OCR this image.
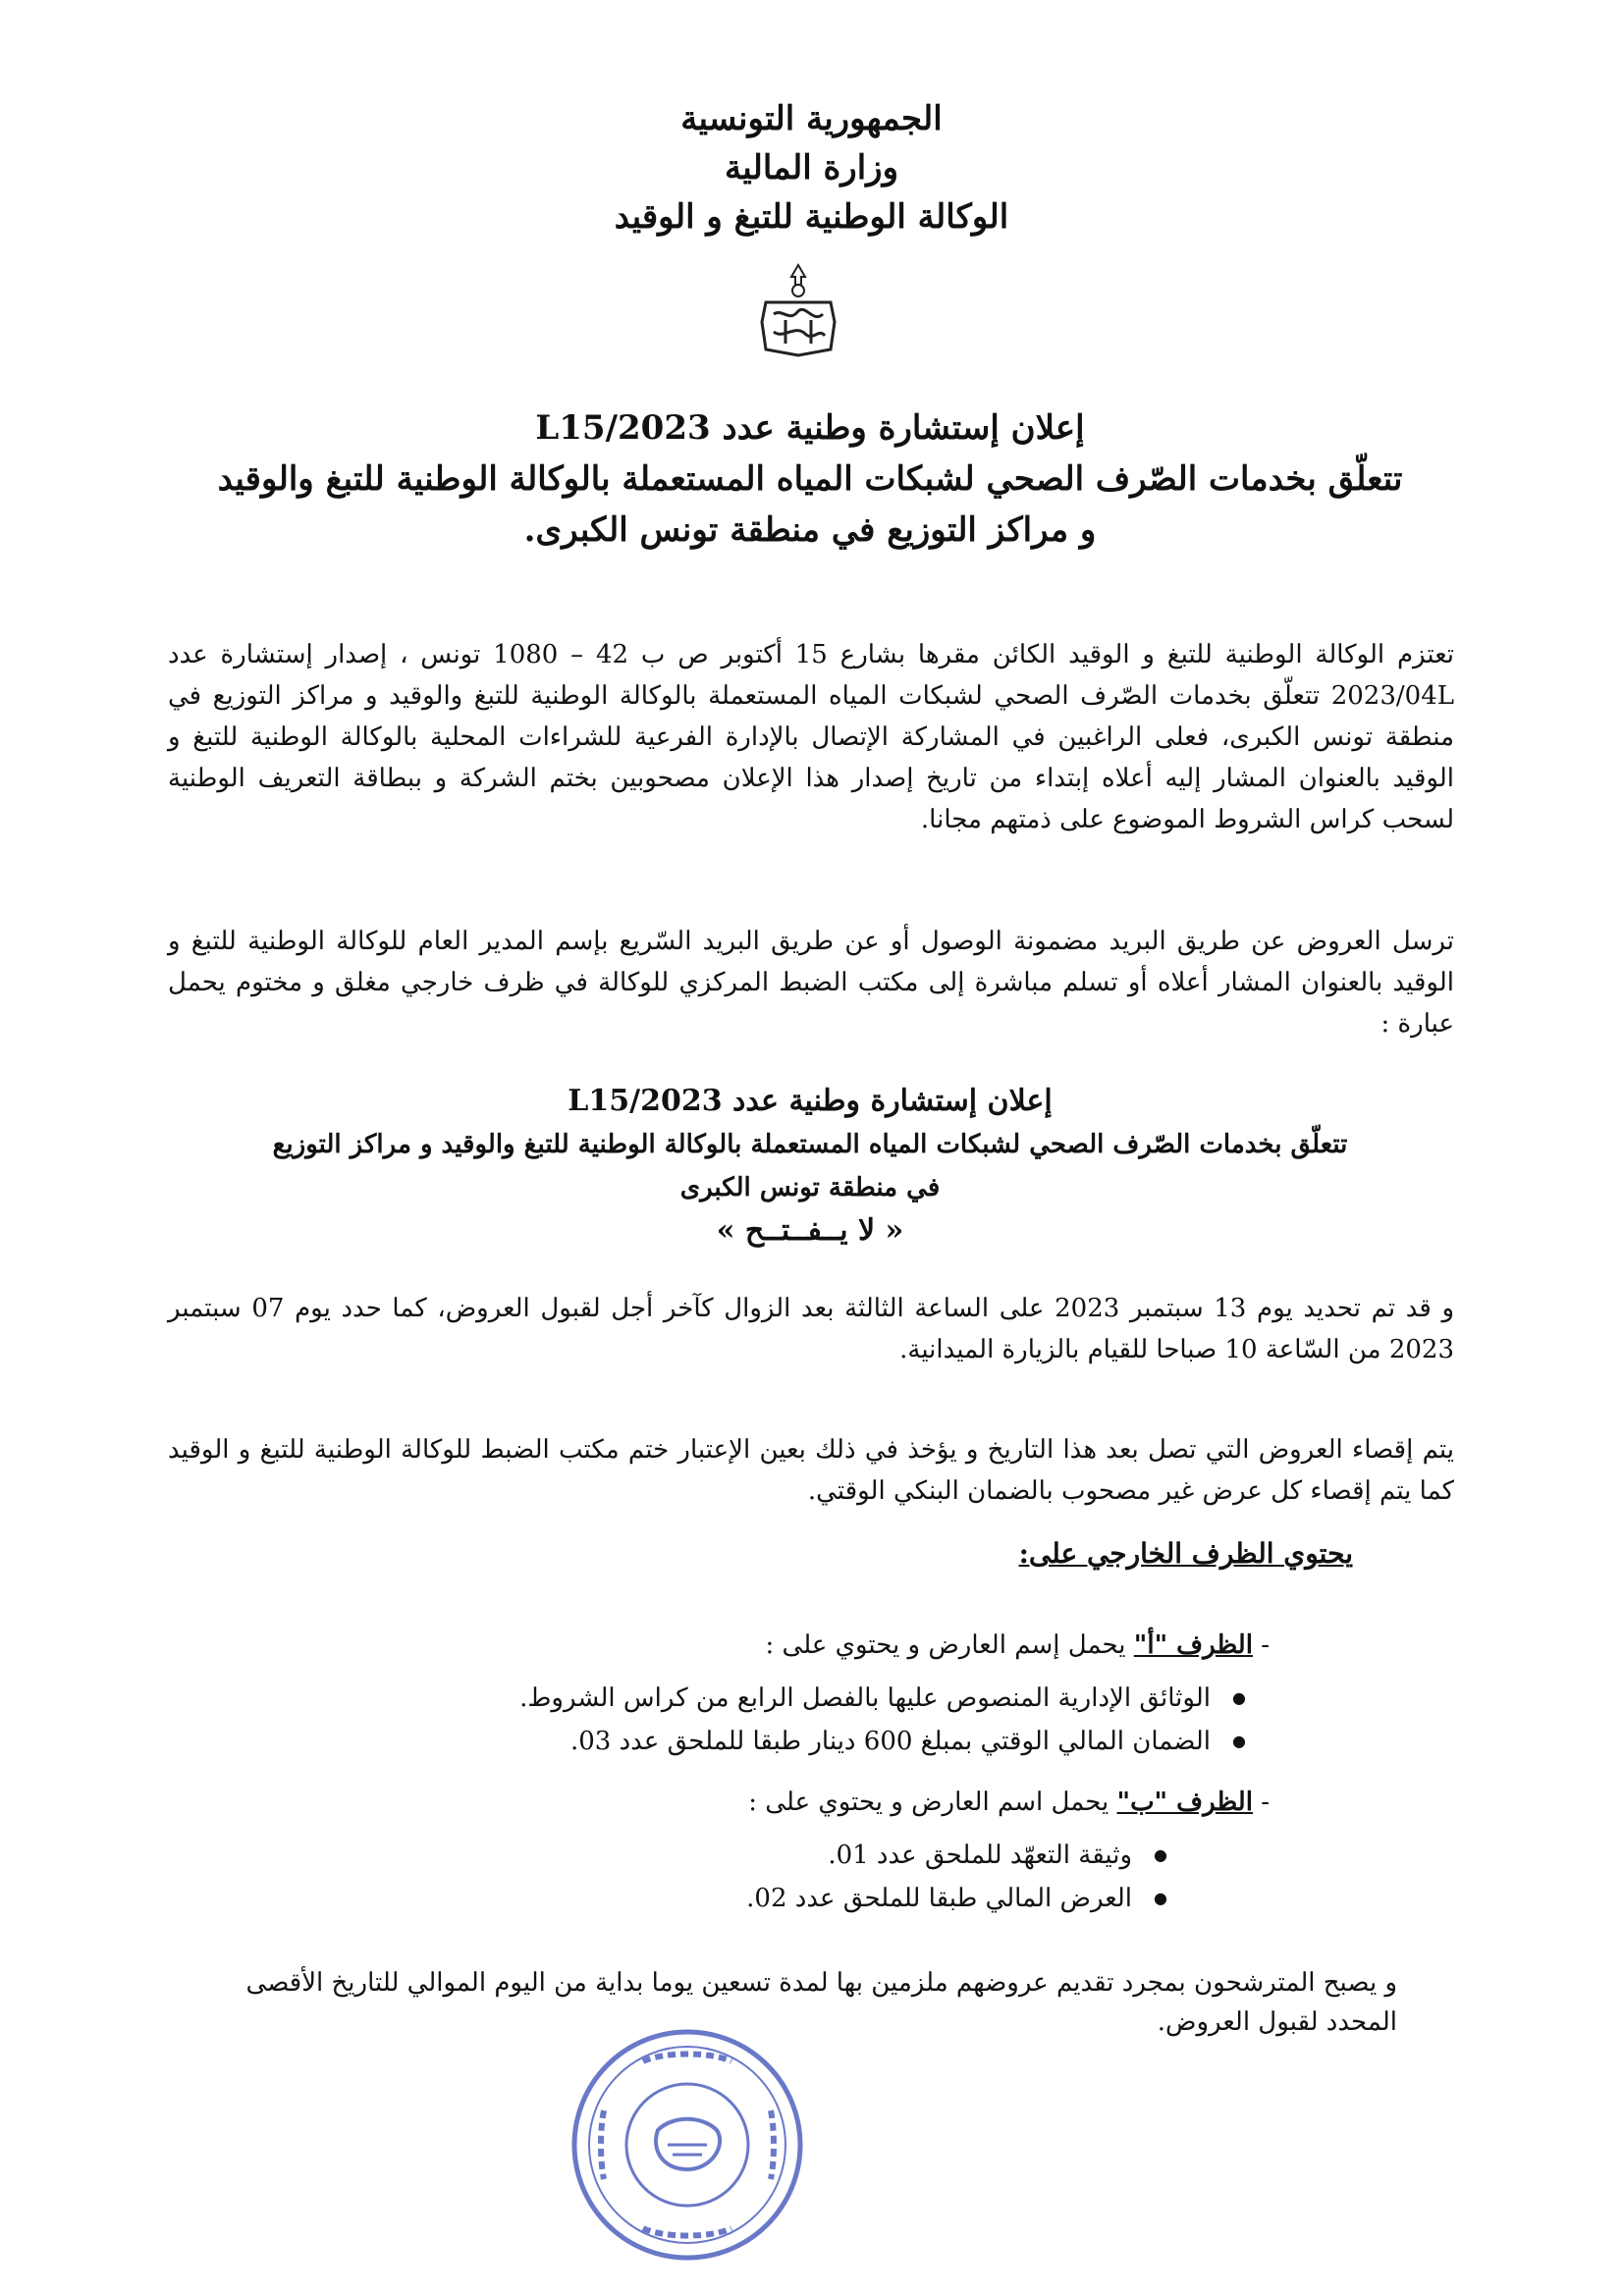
الجمهورية التونسية
وزارة المالية
الوكالة الوطنية للتبغ و الوقيد
إعلان إستشارة وطنية عدد 2023/L15
تتعلّق بخدمات الصّرف الصحي لشبكات المياه المستعملة بالوكالة الوطنية للتبغ والوقيد
و مراكز التوزيع في منطقة تونس الكبرى.
تعتزم الوكالة الوطنية للتبغ و الوقيد الكائن مقرها بشارع 15 أكتوبر ص ب 42 – 1080 تونس ، إصدار إستشارة عدد 2023/04L تتعلّق بخدمات الصّرف الصحي لشبكات المياه المستعملة بالوكالة الوطنية للتبغ والوقيد و مراكز التوزيع في منطقة تونس الكبرى، فعلى الراغبين في المشاركة الإتصال بالإدارة الفرعية للشراءات المحلية بالوكالة الوطنية للتبغ و الوقيد بالعنوان المشار إليه أعلاه إبتداء من تاريخ إصدار هذا الإعلان مصحوبين بختم الشركة و ببطاقة التعريف الوطنية لسحب كراس الشروط الموضوع على ذمتهم مجانا.
ترسل العروض عن طريق البريد مضمونة الوصول أو عن طريق البريد السّريع بإسم المدير العام للوكالة الوطنية للتبغ و الوقيد بالعنوان المشار أعلاه أو تسلم مباشرة إلى مكتب الضبط المركزي للوكالة في ظرف خارجي مغلق و مختوم يحمل عبارة :
إعلان إستشارة وطنية عدد 2023/L15
تتعلّق بخدمات الصّرف الصحي لشبكات المياه المستعملة بالوكالة الوطنية للتبغ والوقيد و مراكز التوزيع
في منطقة تونس الكبرى
« لا يــفــتــح »
و قد تم تحديد يوم 13 سبتمبر 2023 على الساعة الثالثة بعد الزوال كآخر أجل لقبول العروض، كما حدد يوم 07 سبتمبر 2023 من السّاعة 10 صباحا للقيام بالزيارة الميدانية.
يتم إقصاء العروض التي تصل بعد هذا التاريخ و يؤخذ في ذلك بعين الإعتبار ختم مكتب الضبط للوكالة الوطنية للتبغ و الوقيد كما يتم إقصاء كل عرض غير مصحوب بالضمان البنكي الوقتي.
يحتوي الظرف الخارجي على:
- الظرف "أ" يحمل إسم العارض و يحتوي على :
● الوثائق الإدارية المنصوص عليها بالفصل الرابع من كراس الشروط.
● الضمان المالي الوقتي بمبلغ 600 دينار طبقا للملحق عدد 03.
- الظرف "ب" يحمل اسم العارض و يحتوي على :
● وثيقة التعهّد للملحق عدد 01.
● العرض المالي طبقا للملحق عدد 02.
و يصبح المترشحون بمجرد تقديم عروضهم ملزمين بها لمدة تسعين يوما بداية من اليوم الموالي للتاريخ الأقصى المحدد لقبول العروض.
